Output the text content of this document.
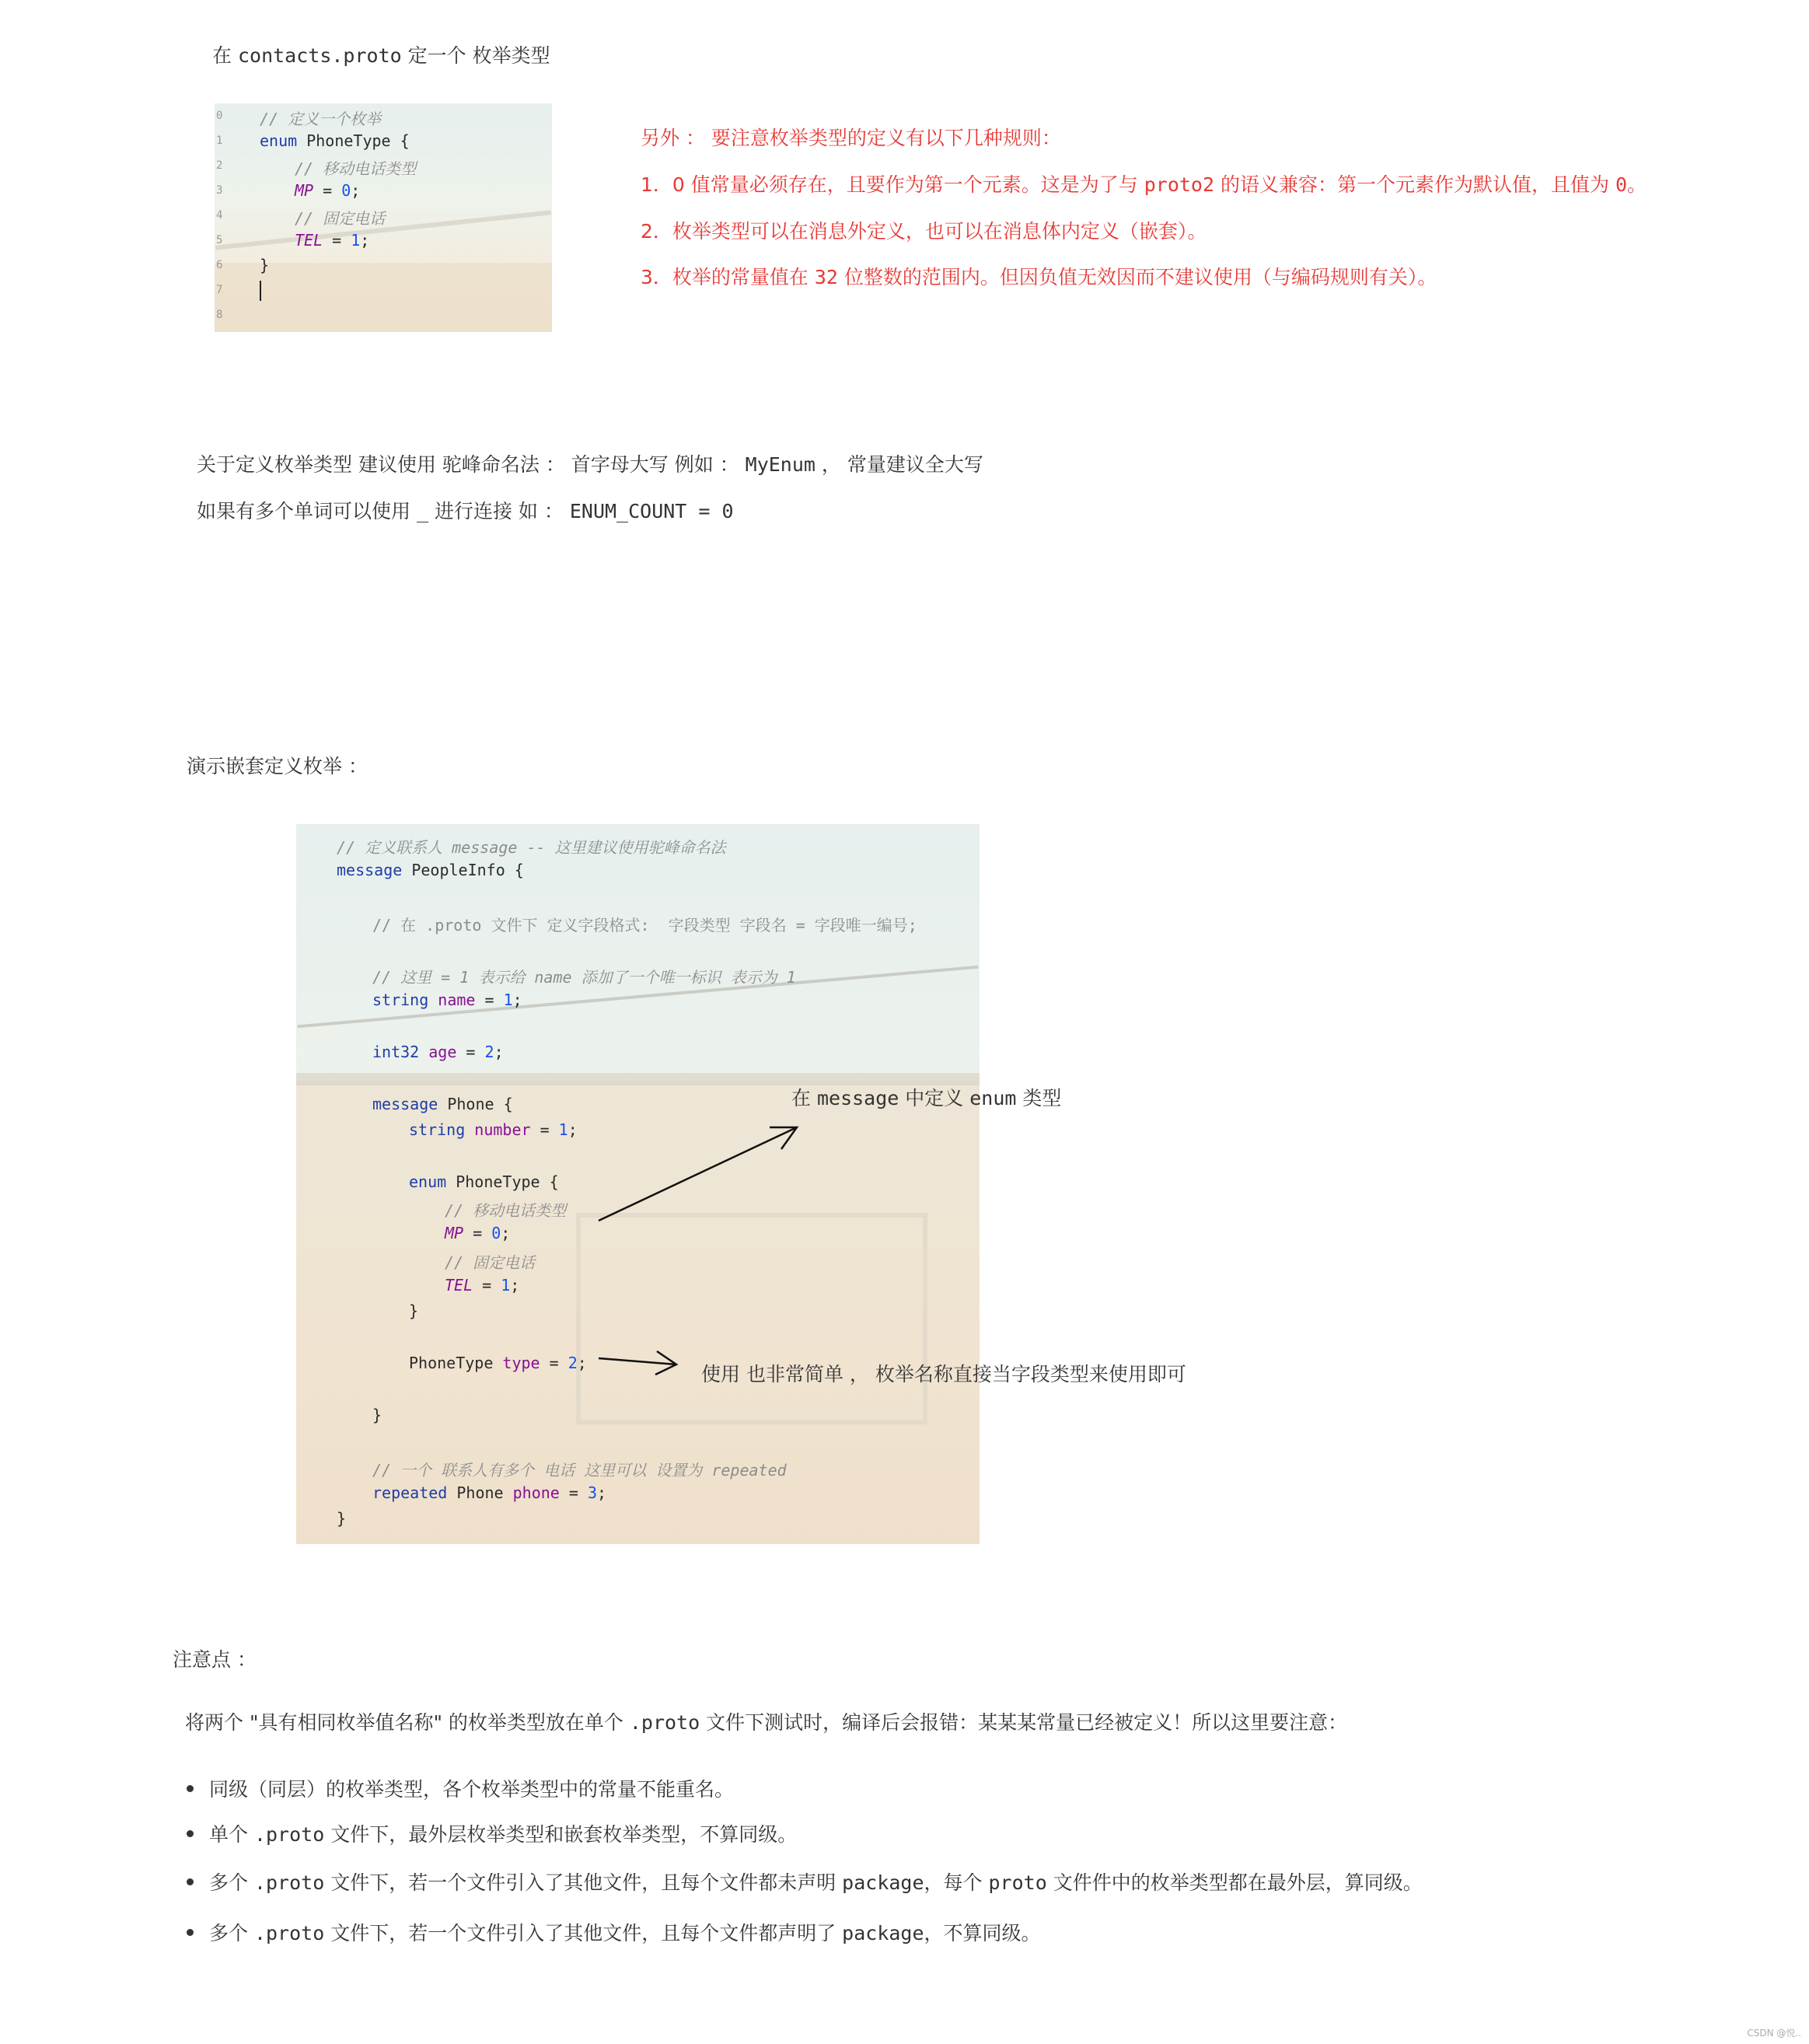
在 contacts.proto 定一个 枚举类型
0
1
2
3
4
5
6
7
8
// 定义一个枚举
enum PhoneType {
// 移动电话类型
MP = 0;
// 固定电话
TEL = 1;
}
另外 ： 要注意枚举类型的定义有以下几种规则：
1．0 值常量必须存在，且要作为第一个元素。这是为了与 proto2 的语义兼容：第一个元素作为默认值，且值为 0。
2．枚举类型可以在消息外定义，也可以在消息体内定义（嵌套）。
3．枚举的常量值在 32 位整数的范围内。但因负值无效因而不建议使用（与编码规则有关）。
关于定义枚举类型 建议使用 驼峰命名法 ： 首字母大写 例如 ： MyEnum ， 常量建议全大写
如果有多个单词可以使用 _ 进行连接 如 ： ENUM_COUNT = 0
演示嵌套定义枚举 ：
// 定义联系人 message -- 这里建议使用驼峰命名法
message PeopleInfo {
// 在 .proto 文件下 定义字段格式:  字段类型 字段名 = 字段唯一编号;
// 这里 = 1 表示给 name 添加了一个唯一标识 表示为 1
string name = 1;
int32 age = 2;
message Phone {
string number = 1;
enum PhoneType {
// 移动电话类型
MP = 0;
// 固定电话
TEL = 1;
}
PhoneType type = 2;
}
// 一个 联系人有多个 电话 这里可以 设置为 repeated
repeated Phone phone = 3;
}
在 message 中定义 enum 类型
使用 也非常简单 ， 枚举名称直接当字段类型来使用即可
注意点 ：
将两个 "具有相同枚举值名称" 的枚举类型放在单个 .proto 文件下测试时，编译后会报错：某某某常量已经被定义！所以这里要注意：
同级（同层）的枚举类型，各个枚举类型中的常量不能重名。
单个 .proto 文件下，最外层枚举类型和嵌套枚举类型，不算同级。
多个 .proto 文件下，若一个文件引入了其他文件，且每个文件都未声明 package，每个 proto 文件件中的枚举类型都在最外层，算同级。
多个 .proto 文件下，若一个文件引入了其他文件，且每个文件都声明了 package，不算同级。
CSDN @悦..
